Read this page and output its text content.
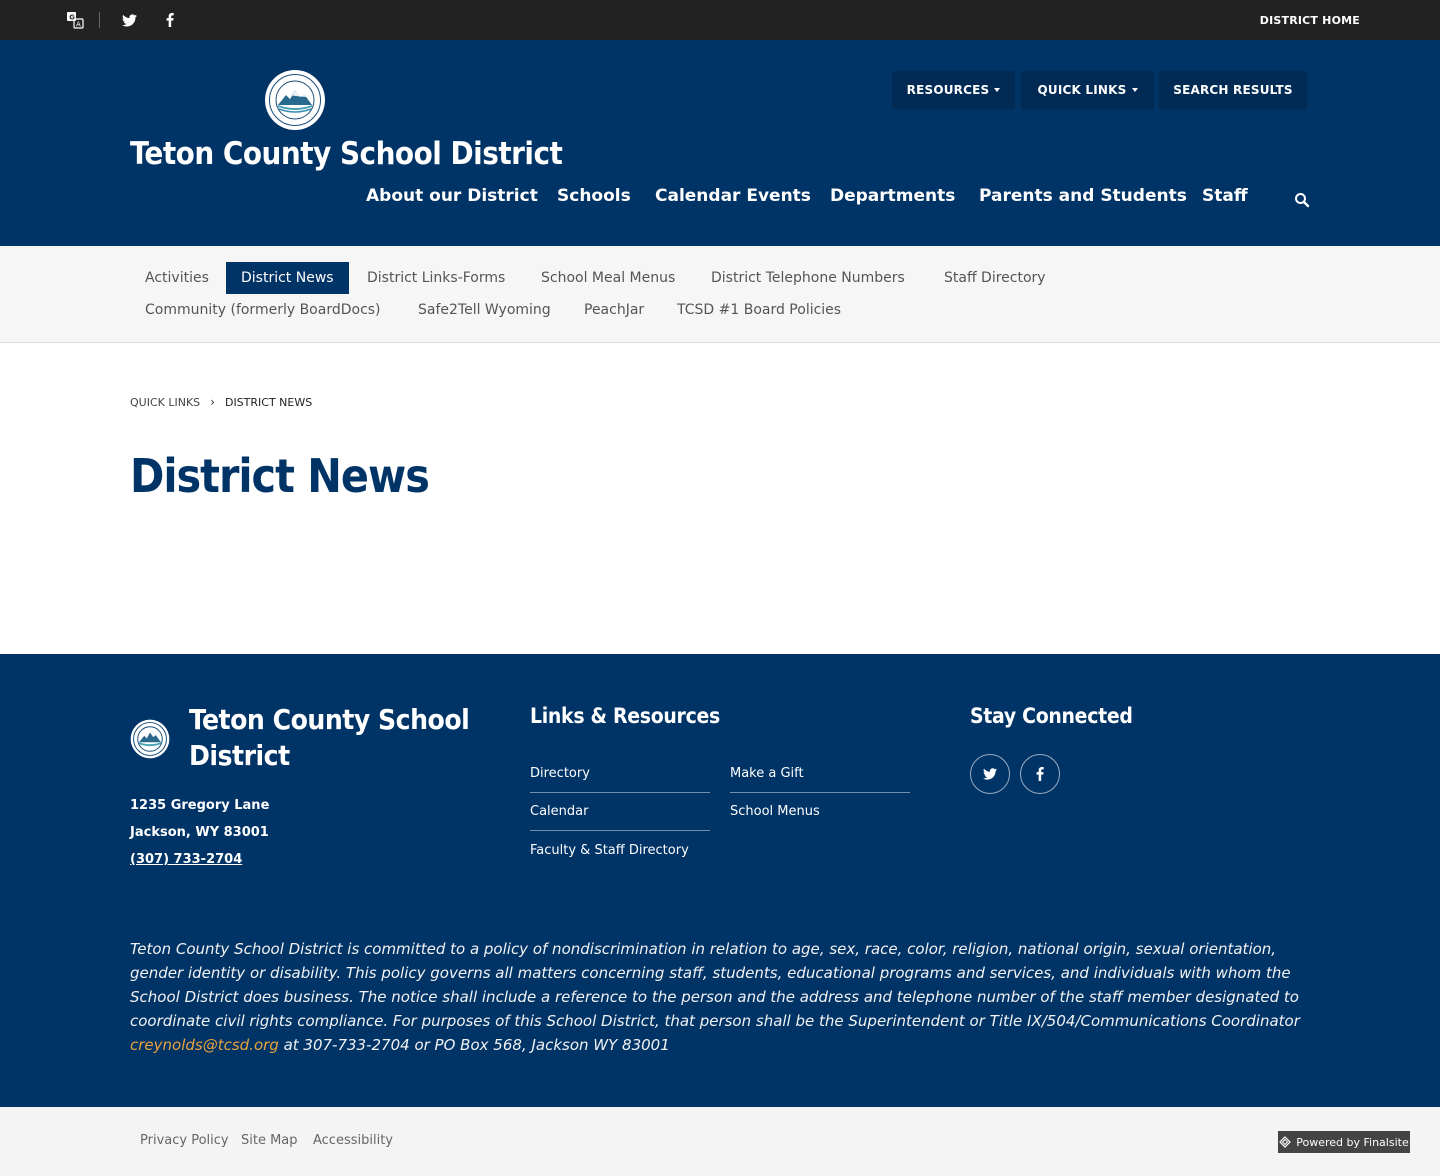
G
A	DISTRICT HOME
Teton County School District
RESOURCES	QUICK LINKS	SEARCH RESULTS
About our District Schools Calendar Events Departments Parents and Students Staff
Activities	District News	District Links-Forms	School Meal Menus	District Telephone Numbers	Staff Directory
Community (formerly BoardDocs)	Safe2Tell Wyoming	PeachJar	TCSD #1 Board Policies
QUICK LINKS › DISTRICT NEWS
District News
Teton County School District
1235 Gregory Lane
Jackson, WY 83001
(307) 733-2704
Links & Resources
Directory	Make a Gift
Calendar	School Menus
Faculty & Staff Directory
Stay Connected

Teton County School District is committed to a policy of nondiscrimination in relation to age, sex, race, color, religion, national origin, sexual orientation, gender identity or disability. This policy governs all matters concerning staff, students, educational programs and services, and individuals with whom the School District does business. The notice shall include a reference to the person and the address and telephone number of the staff member designated to coordinate civil rights compliance. For purposes of this School District, that person shall be the Superintendent or Title IX/504/Communications Coordinator creynolds@tcsd.org at 307-733-2704 or PO Box 568, Jackson WY 83001

Privacy Policy Site Map Accessibility	Powered by Finalsite
